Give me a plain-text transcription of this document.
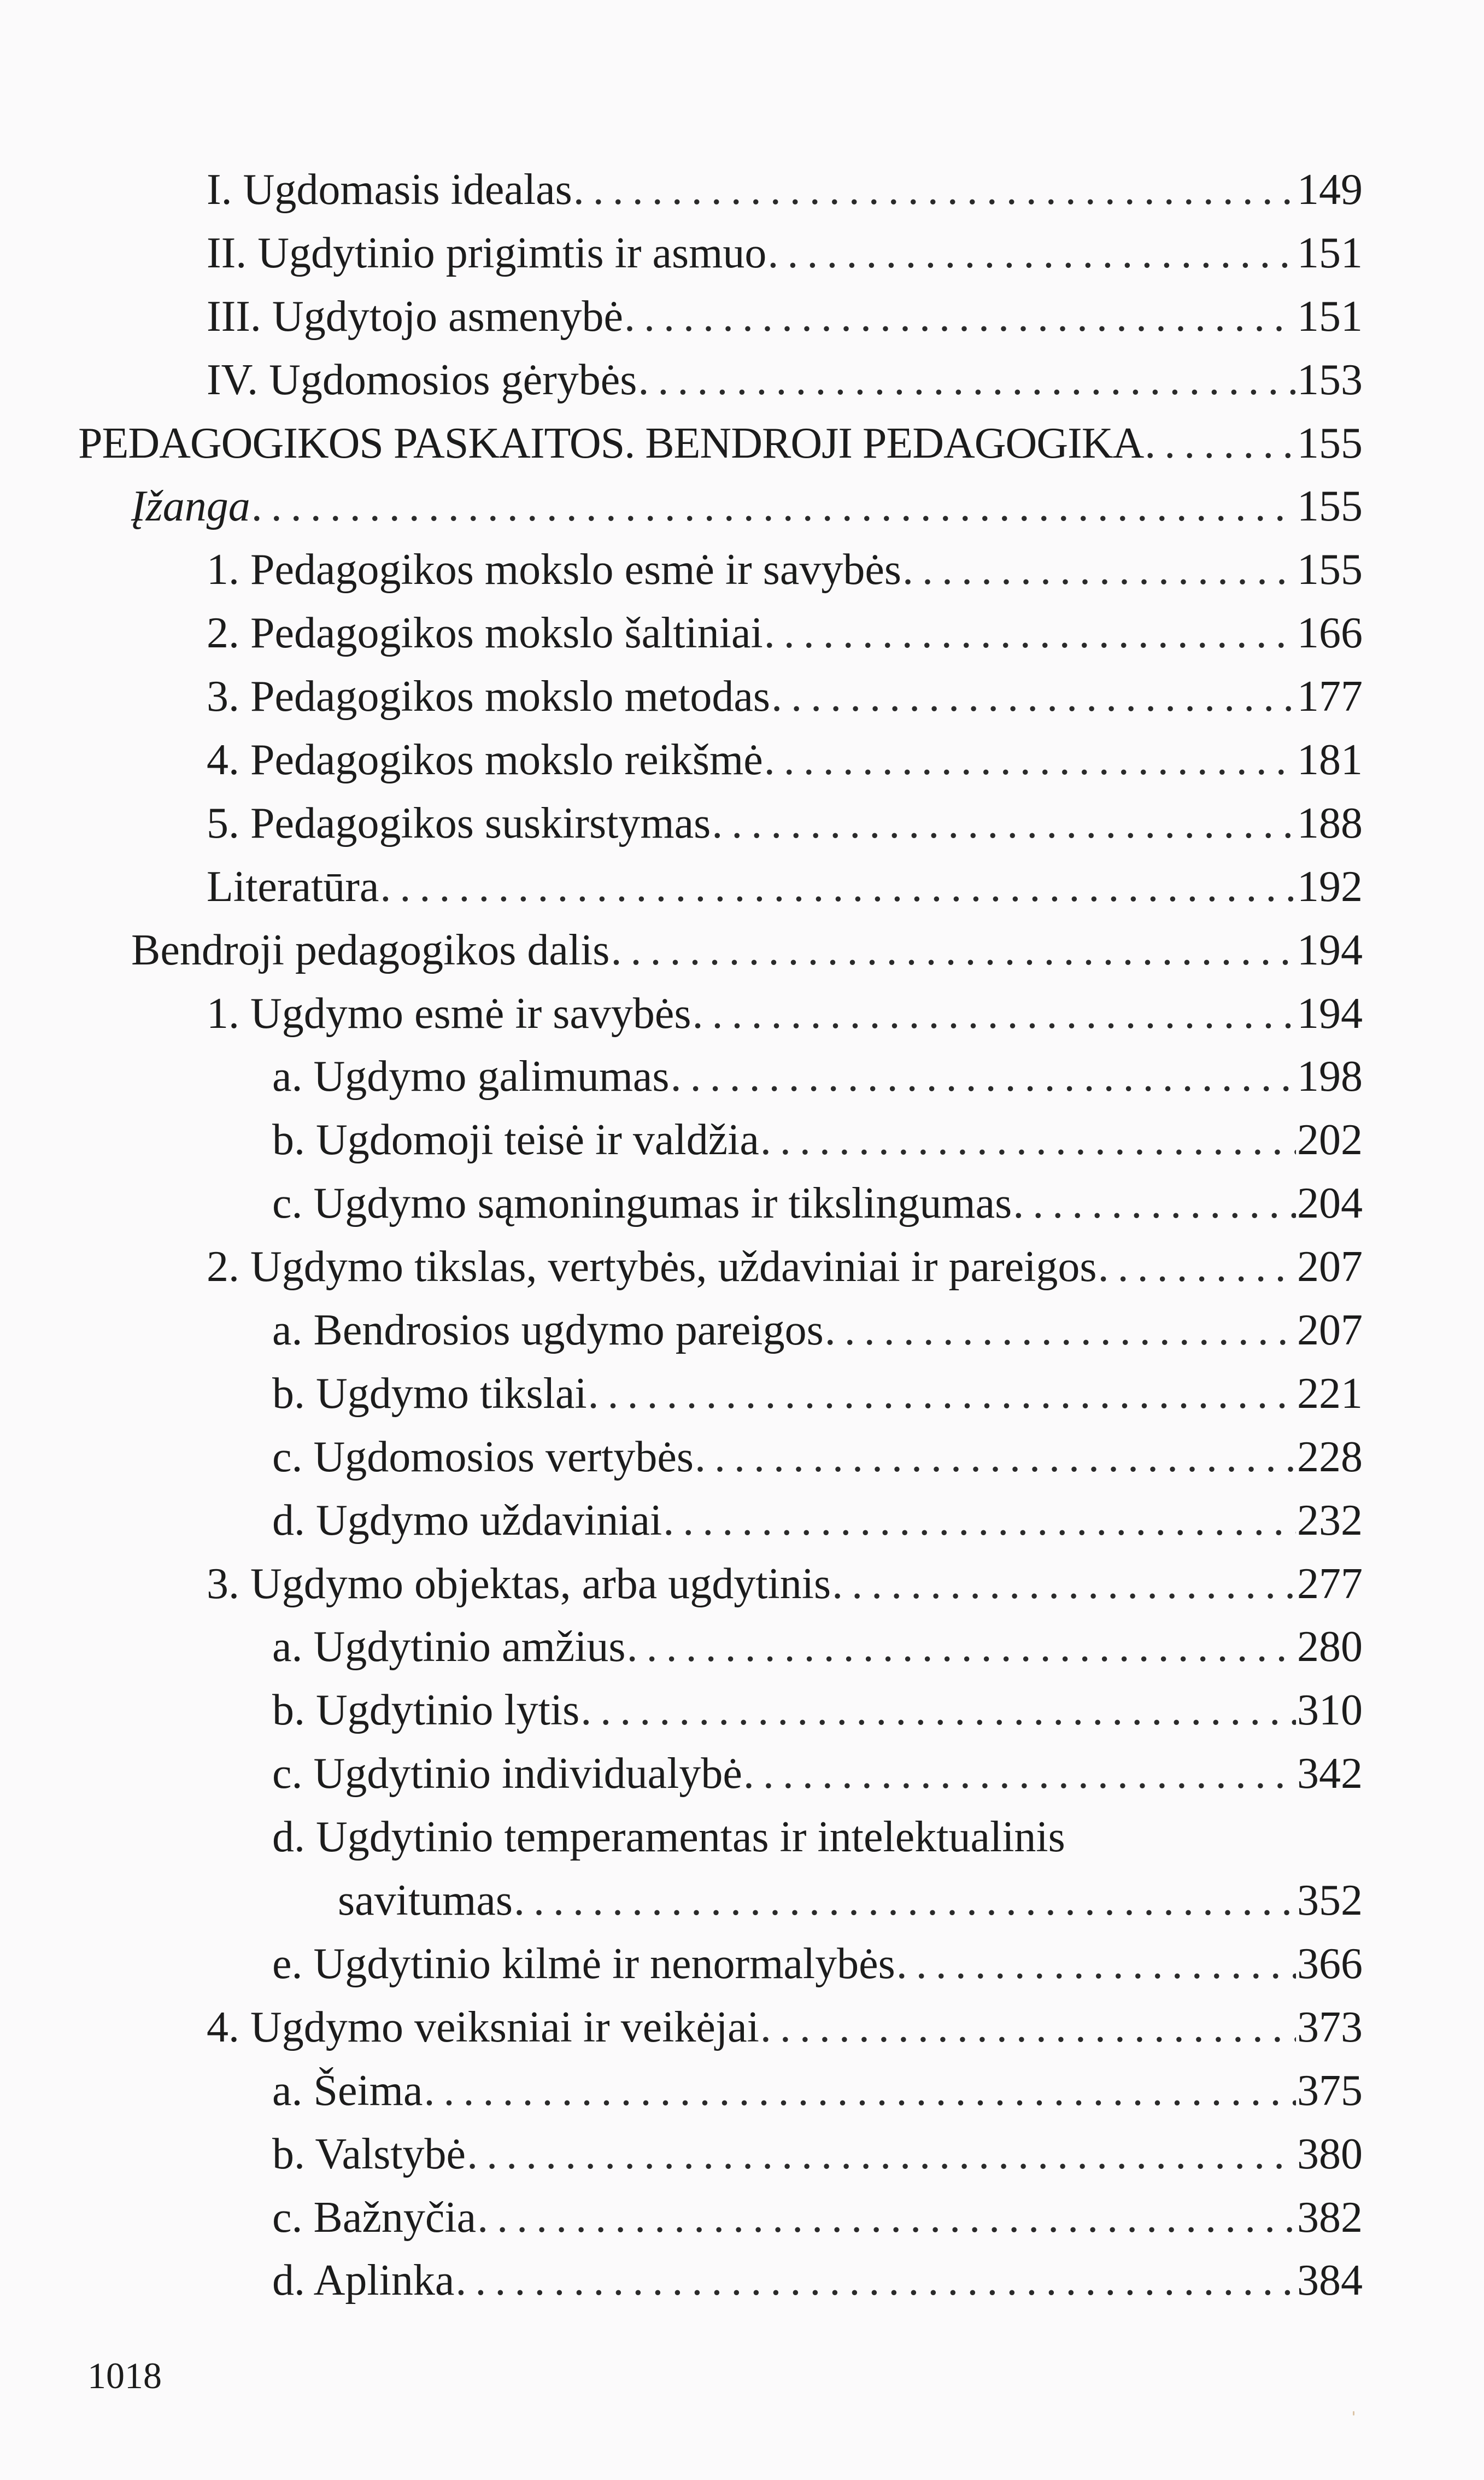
I. Ugdomasis idealas .....	149
II. Ugdytinio prigimtis ir asmuo .....	151
III. Ugdytojo asmenybė .....	151
IV. Ugdomosios gėrybės .....	153
PEDAGOGIKOS PASKAITOS. BENDROJI PEDAGOGIKA .....	155
Įžanga .....	155
1. Pedagogikos mokslo esmė ir savybės .....	155
2. Pedagogikos mokslo šaltiniai .....	166
3. Pedagogikos mokslo metodas .....	177
4. Pedagogikos mokslo reikšmė .....	181
5. Pedagogikos suskirstymas .....	188
Literatūra .....	192
Bendroji pedagogikos dalis .....	194
1. Ugdymo esmė ir savybės .....	194
a. Ugdymo galimumas .....	198
b. Ugdomoji teisė ir valdžia .....	202
c. Ugdymo sąmoningumas ir tikslingumas .....	204
2. Ugdymo tikslas, vertybės, uždaviniai ir pareigos .....	207
a. Bendrosios ugdymo pareigos .....	207
b. Ugdymo tikslai .....	221
c. Ugdomosios vertybės .....	228
d. Ugdymo uždaviniai .....	232
3. Ugdymo objektas, arba ugdytinis .....	277
a. Ugdytinio amžius .....	280
b. Ugdytinio lytis .....	310
c. Ugdytinio individualybė .....	342
d. Ugdytinio temperamentas ir intelektualinis
savitumas .....	352
e. Ugdytinio kilmė ir nenormalybės .....	366
4. Ugdymo veiksniai ir veikėjai .....	373
a. Šeima .....	375
b. Valstybė .....	380
c. Bažnyčia .....	382
d. Aplinka .....	384
1018
